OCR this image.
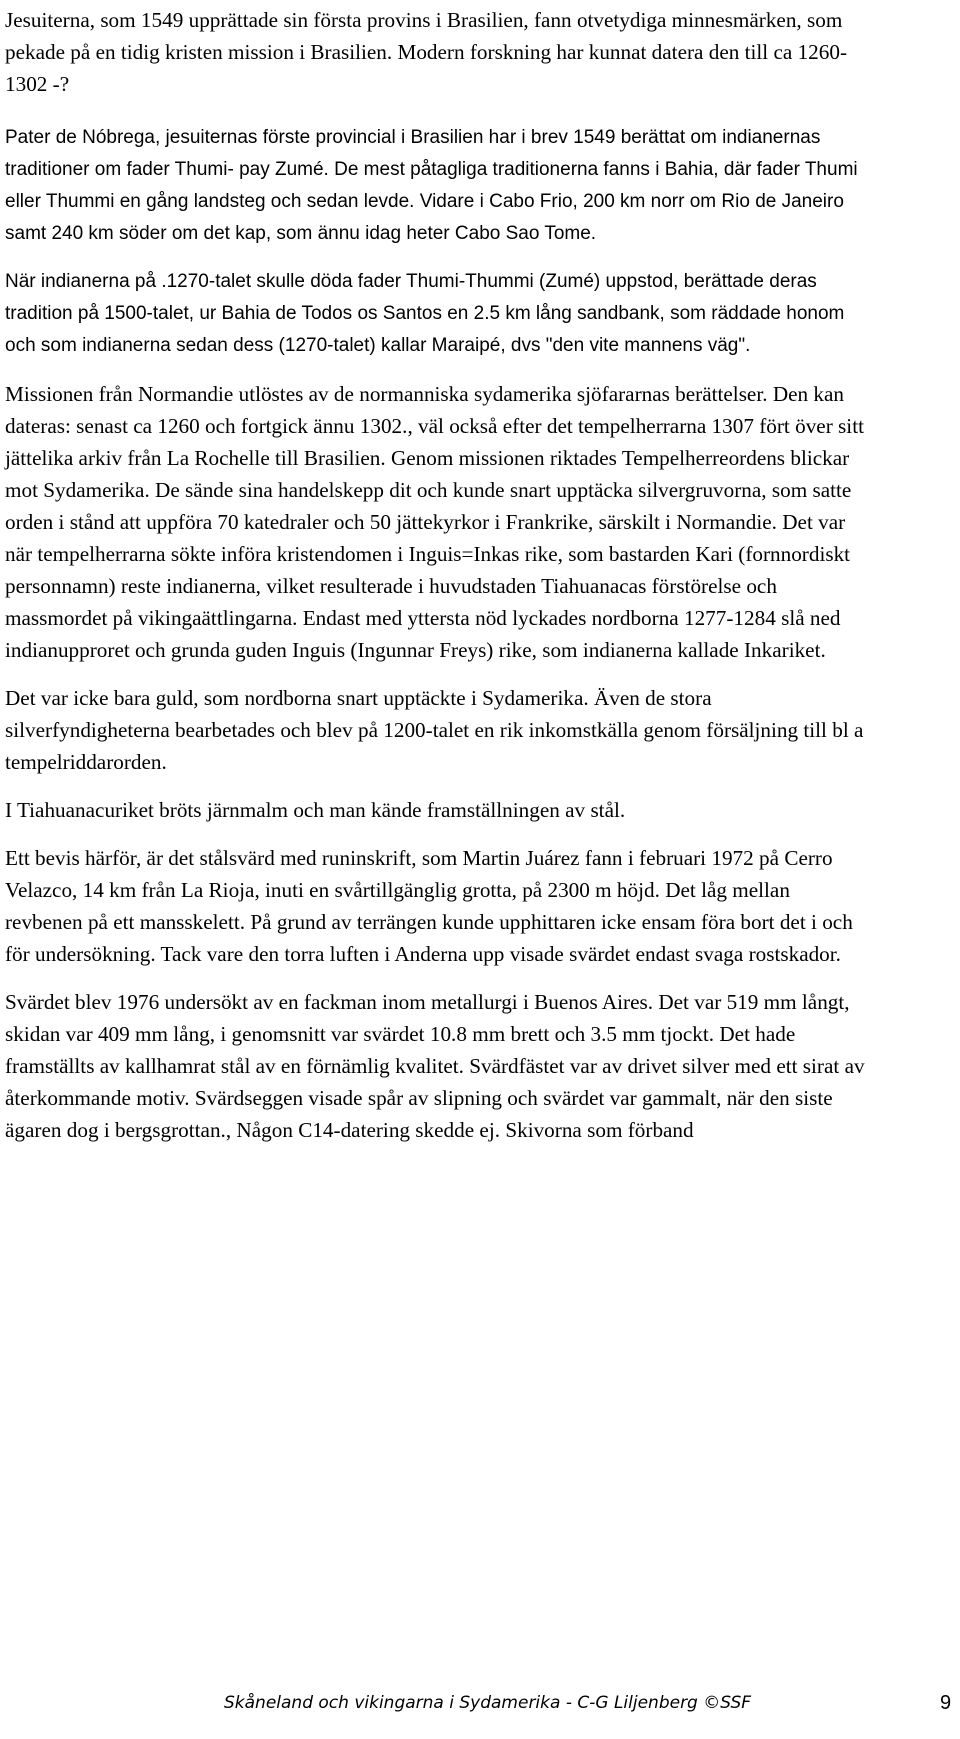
Jesuiterna, som 1549 upprättade sin första provins i Brasilien, fann otvetydiga minnesmärken, som pekade på en tidig kristen mission i Brasilien. Modern forskning har kunnat datera den till ca 1260-1302 -?

Pater de Nóbrega, jesuiternas förste provincial i Brasilien har i brev 1549 berättat om indianernas traditioner om fader Thumi- pay Zumé. De mest påtagliga traditionerna fanns i Bahia, där fader Thumi eller Thummi en gång landsteg och sedan levde. Vidare i Cabo Frio, 200 km norr om Rio de Janeiro samt 240 km söder om det kap, som ännu idag heter Cabo Sao Tome.

När indianerna på .1270-talet skulle döda fader Thumi-Thummi (Zumé) uppstod, berättade deras tradition på 1500-talet, ur Bahia de Todos os Santos en 2.5 km lång sandbank, som räddade honom och som indianerna sedan dess (1270-talet) kallar Maraipé, dvs "den vite mannens väg".

Missionen från Normandie utlöstes av de normanniska sydamerika sjöfararnas berättelser. Den kan dateras: senast ca 1260 och fortgick ännu 1302., väl också efter det tempelherrarna 1307 fört över sitt jättelika arkiv från La Rochelle till Brasilien. Genom missionen riktades Tempelherreordens blickar mot Sydamerika. De sände sina handelskepp dit och kunde snart upptäcka silvergruvorna, som satte orden i stånd att uppföra 70 katedraler och 50 jättekyrkor i Frankrike, särskilt i Normandie. Det var när tempelherrarna sökte införa kristendomen i Inguis=Inkas rike, som bastarden Kari (fornnordiskt personnamn) reste indianerna, vilket resulterade i huvudstaden Tiahuanacas förstörelse och massmordet på vikingaättlingarna. Endast med yttersta nöd lyckades nordborna 1277-1284 slå ned indianupproret och grunda guden Inguis (Ingunnar Freys) rike, som indianerna kallade Inkariket.

Det var icke bara guld, som nordborna snart upptäckte i Sydamerika. Även de stora silverfyndigheterna bearbetades och blev på 1200-talet en rik inkomstkälla genom försäljning till bl a tempelriddarorden.

I Tiahuanacuriket bröts järnmalm och man kände framställningen av stål.

Ett bevis härför, är det stålsvärd med runinskrift, som Martin Juárez fann i februari 1972 på Cerro Velazco, 14 km från La Rioja, inuti en svårtillgänglig grotta, på 2300 m höjd. Det låg mellan revbenen på ett mansskelett. På grund av terrängen kunde upphittaren icke ensam föra bort det i och för undersökning. Tack vare den torra luften i Anderna upp visade svärdet endast svaga rostskador.

Svärdet blev 1976 undersökt av en fackman inom metallurgi i Buenos Aires. Det var 519 mm långt, skidan var 409 mm lång, i genomsnitt var svärdet 10.8 mm brett och 3.5 mm tjockt. Det hade framställts av kallhamrat stål av en förnämlig kvalitet. Svärdfästet var av drivet silver med ett sirat av återkommande motiv. Svärdseggen visade spår av slipning och svärdet var gammalt, när den siste ägaren dog i bergsgrottan., Någon C14-datering skedde ej. Skivorna som förband

Skåneland och vikingarna i Sydamerika - C-G Liljenberg ©SSF	9
